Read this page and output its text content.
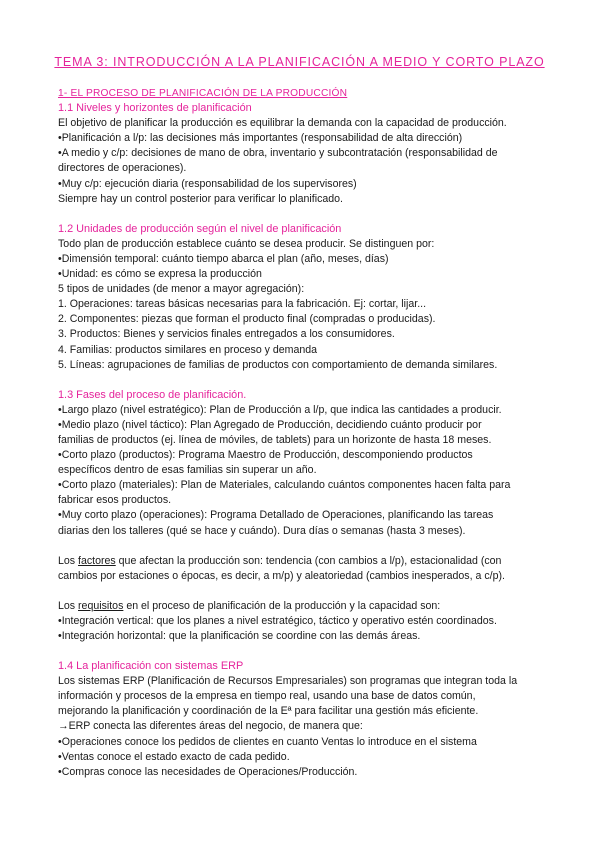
TEMA 3: INTRODUCCIÓN A LA PLANIFICACIÓN A MEDIO Y CORTO PLAZO

1- EL PROCESO DE PLANIFICACIÓN DE LA PRODUCCIÓN

1.1 Niveles y horizontes de planificación

El objetivo de planificar la producción es equilibrar la demanda con la capacidad de producción.

•Planificación a l/p: las decisiones más importantes (responsabilidad de alta dirección)

•A medio y c/p: decisiones de mano de obra, inventario y subcontratación (responsabilidad de

directores de operaciones).

•Muy c/p: ejecución diaria (responsabilidad de los supervisores)

Siempre hay un control posterior para verificar lo planificado.

1.2 Unidades de producción según el nivel de planificación

Todo plan de producción establece cuánto se desea producir. Se distinguen por:

•Dimensión temporal: cuánto tiempo abarca el plan (año, meses, días)

•Unidad: es cómo se expresa la producción

5 tipos de unidades (de menor a mayor agregación):

1. Operaciones: tareas básicas necesarias para la fabricación. Ej: cortar, lijar...

2. Componentes: piezas que forman el producto final (compradas o producidas).

3. Productos: Bienes y servicios finales entregados a los consumidores.

4. Familias: productos similares en proceso y demanda

5. Líneas: agrupaciones de familias de productos con comportamiento de demanda similares.

1.3 Fases del proceso de planificación.

•Largo plazo (nivel estratégico): Plan de Producción a l/p, que indica las cantidades a producir.

•Medio plazo (nivel táctico): Plan Agregado de Producción, decidiendo cuánto producir por

familias de productos (ej. línea de móviles, de tablets) para un horizonte de hasta 18 meses.

•Corto plazo (productos): Programa Maestro de Producción, descomponiendo productos

específicos dentro de esas familias sin superar un año.

•Corto plazo (materiales): Plan de Materiales, calculando cuántos componentes hacen falta para

fabricar esos productos.

•Muy corto plazo (operaciones): Programa Detallado de Operaciones, planificando las tareas

diarias den los talleres (qué se hace y cuándo). Dura días o semanas (hasta 3 meses).

Los factores que afectan la producción son: tendencia (con cambios a l/p), estacionalidad (con

cambios por estaciones o épocas, es decir, a m/p) y aleatoriedad (cambios inesperados, a c/p).

Los requisitos en el proceso de planificación de la producción y la capacidad son:

•Integración vertical: que los planes a nivel estratégico, táctico y operativo estén coordinados.

•Integración horizontal: que la planificación se coordine con las demás áreas.

1.4 La planificación con sistemas ERP

Los sistemas ERP (Planificación de Recursos Empresariales) son programas que integran toda la

información y procesos de la empresa en tiempo real, usando una base de datos común,

mejorando la planificación y coordinación de la Eª para facilitar una gestión más eficiente.

→ERP conecta las diferentes áreas del negocio, de manera que:

•Operaciones conoce los pedidos de clientes en cuanto Ventas lo introduce en el sistema

•Ventas conoce el estado exacto de cada pedido.

•Compras conoce las necesidades de Operaciones/Producción.
